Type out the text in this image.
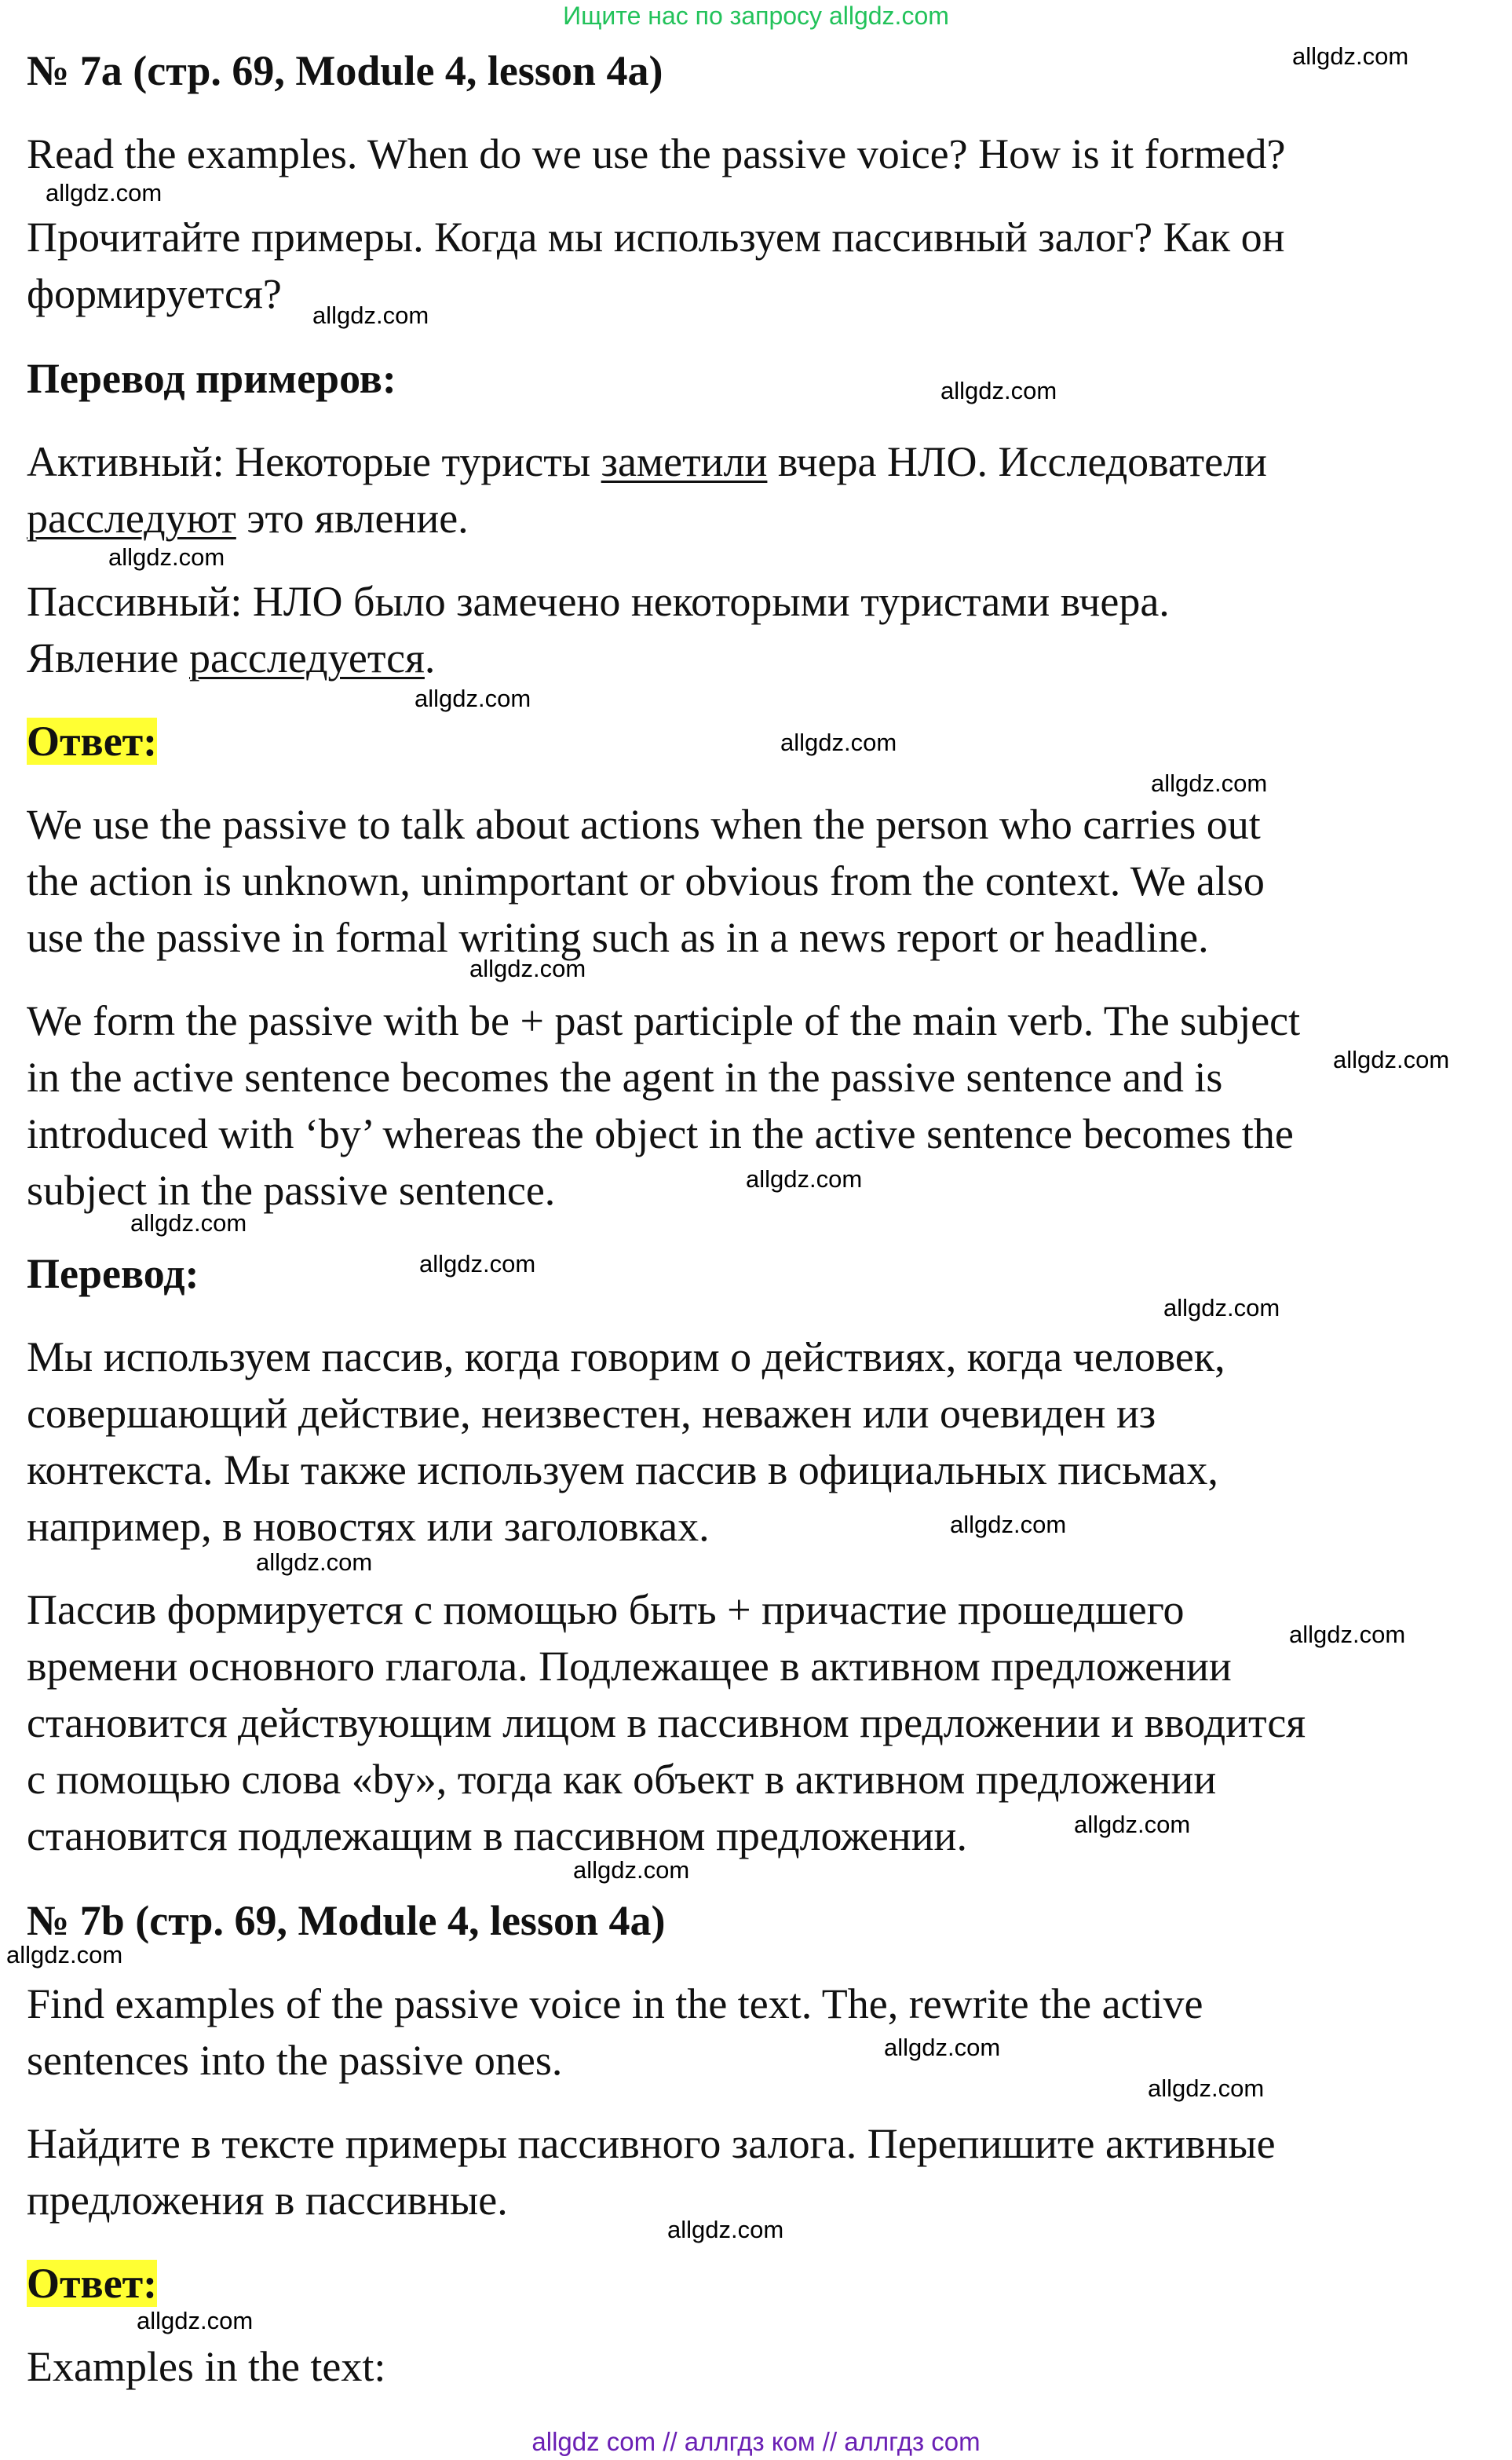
Ищите нас по запросу allgdz.com
№ 7a (стр. 69, Module 4, lesson 4a)
Read the examples. When do we use the passive voice? How is it formed?
Прочитайте примеры. Когда мы используем пассивный залог? Как он
формируется?
Перевод примеров:
Активный: Некоторые туристы заметили вчера НЛО. Исследователи
расследуют это явление.
Пассивный: НЛО было замечено некоторыми туристами вчера.
Явление расследуется.
Ответ:
We use the passive to talk about actions when the person who carries out
the action is unknown, unimportant or obvious from the context. We also
use the passive in formal writing such as in a news report or headline.
We form the passive with be + past participle of the main verb. The subject
in the active sentence becomes the agent in the passive sentence and is
introduced with ‘by’ whereas the object in the active sentence becomes the
subject in the passive sentence.
Перевод:
Мы используем пассив, когда говорим о действиях, когда человек,
совершающий действие, неизвестен, неважен или очевиден из
контекста. Мы также используем пассив в официальных письмах,
например, в новостях или заголовках.
Пассив формируется с помощью быть + причастие прошедшего
времени основного глагола. Подлежащее в активном предложении
становится действующим лицом в пассивном предложении и вводится
с помощью слова «by», тогда как объект в активном предложении
становится подлежащим в пассивном предложении.
№ 7b (стр. 69, Module 4, lesson 4a)
Find examples of the passive voice in the text. The, rewrite the active
sentences into the passive ones.
Найдите в тексте примеры пассивного залога. Перепишите активные
предложения в пассивные.
Ответ:
Examples in the text:
allgdz.com
allgdz.com
allgdz.com
allgdz.com
allgdz.com
allgdz.com
allgdz.com
allgdz.com
allgdz.com
allgdz.com
allgdz.com
allgdz.com
allgdz.com
allgdz.com
allgdz.com
allgdz.com
allgdz.com
allgdz.com
allgdz.com
allgdz.com
allgdz.com
allgdz.com
allgdz.com
allgdz.com
allgdz com // аллгдз ком // аллгдз com
